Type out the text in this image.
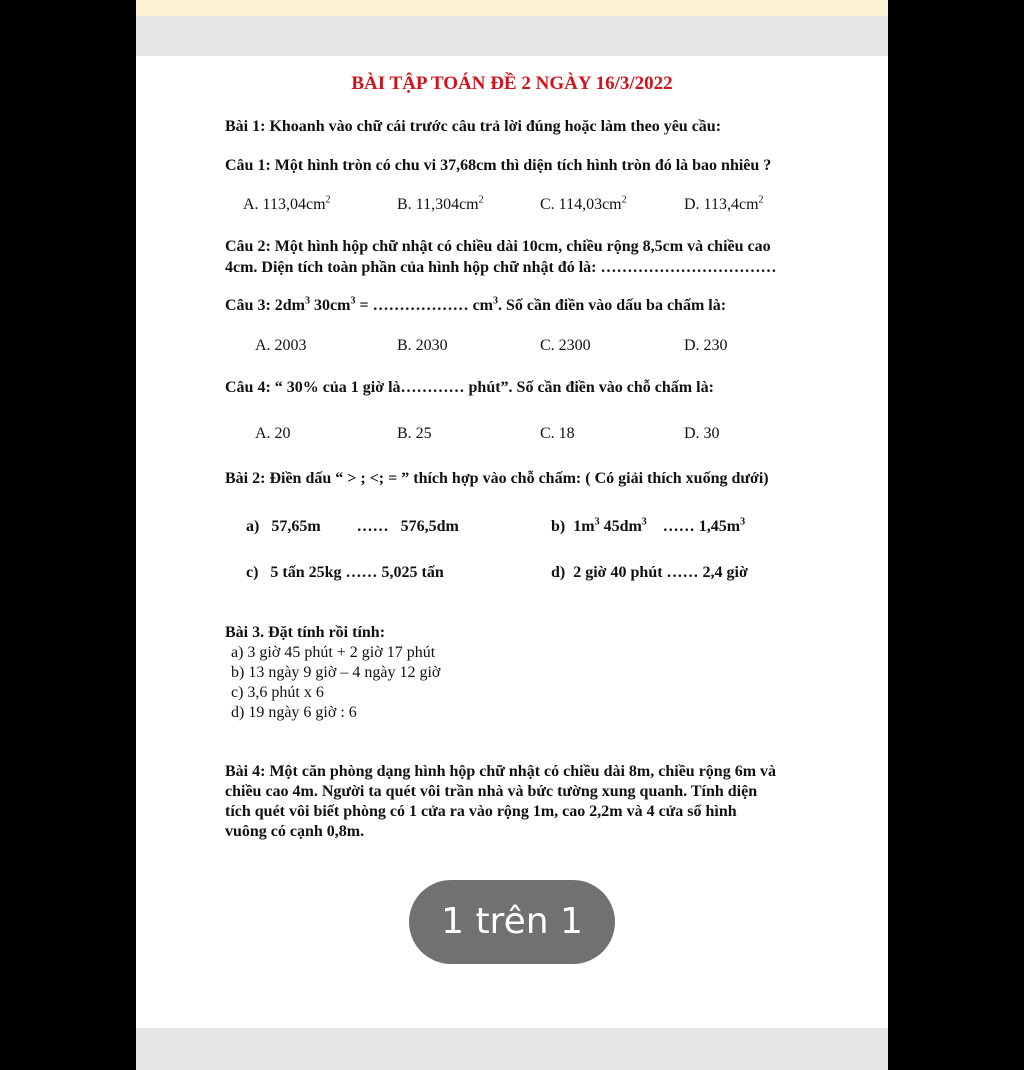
BÀI TẬP TOÁN ĐỀ 2 NGÀY 16/3/2022
Bài 1: Khoanh vào chữ cái trước câu trả lời đúng hoặc làm theo yêu cầu:
Câu 1: Một hình tròn có chu vi 37,68cm thì diện tích hình tròn đó là bao nhiêu ?
A. $113,04cm^2$	B. $11,304cm^2$	C. $114,03cm^2$	D. $113,4cm^2$
Câu 2: Một hình hộp chữ nhật có chiều dài 10cm, chiều rộng 8,5cm và chiều cao
4cm. Diện tích toàn phần của hình hộp chữ nhật đó là: ……………………………
Câu 3: $2dm^3$ $30cm^3$ = ……………… $cm^3$. Số cần điền vào dấu ba chấm là:
A. 2003	B. 2030	C. 2300	D. 230
Câu 4: “ 30% của 1 giờ là………… phút”. Số cần điền vào chỗ chấm là:
A. 20	B. 25	C. 18	D. 30
Bài 2: Điền dấu “ > ; <; = ” thích hợp vào chỗ chấm: ( Có giải thích xuống dưới)
a)   57,65m         ……   576,5dm	b)  $1m^3$ $45dm^3$    …… $1,45m^3$
c)   5 tấn 25kg …… 5,025 tấn	d)  2 giờ 40 phút …… 2,4 giờ
Bài 3. Đặt tính rồi tính:
a) 3 giờ 45 phút + 2 giờ 17 phút
b) 13 ngày 9 giờ – 4 ngày 12 giờ
c) 3,6 phút x 6
d) 19 ngày 6 giờ : 6
Bài 4: Một căn phòng dạng hình hộp chữ nhật có chiều dài 8m, chiều rộng 6m và
chiều cao 4m. Người ta quét vôi trần nhà và bức tường xung quanh. Tính diện
tích quét vôi biết phòng có 1 cửa ra vào rộng 1m, cao 2,2m và 4 cửa sổ hình
vuông có cạnh 0,8m.
1 trên 1
